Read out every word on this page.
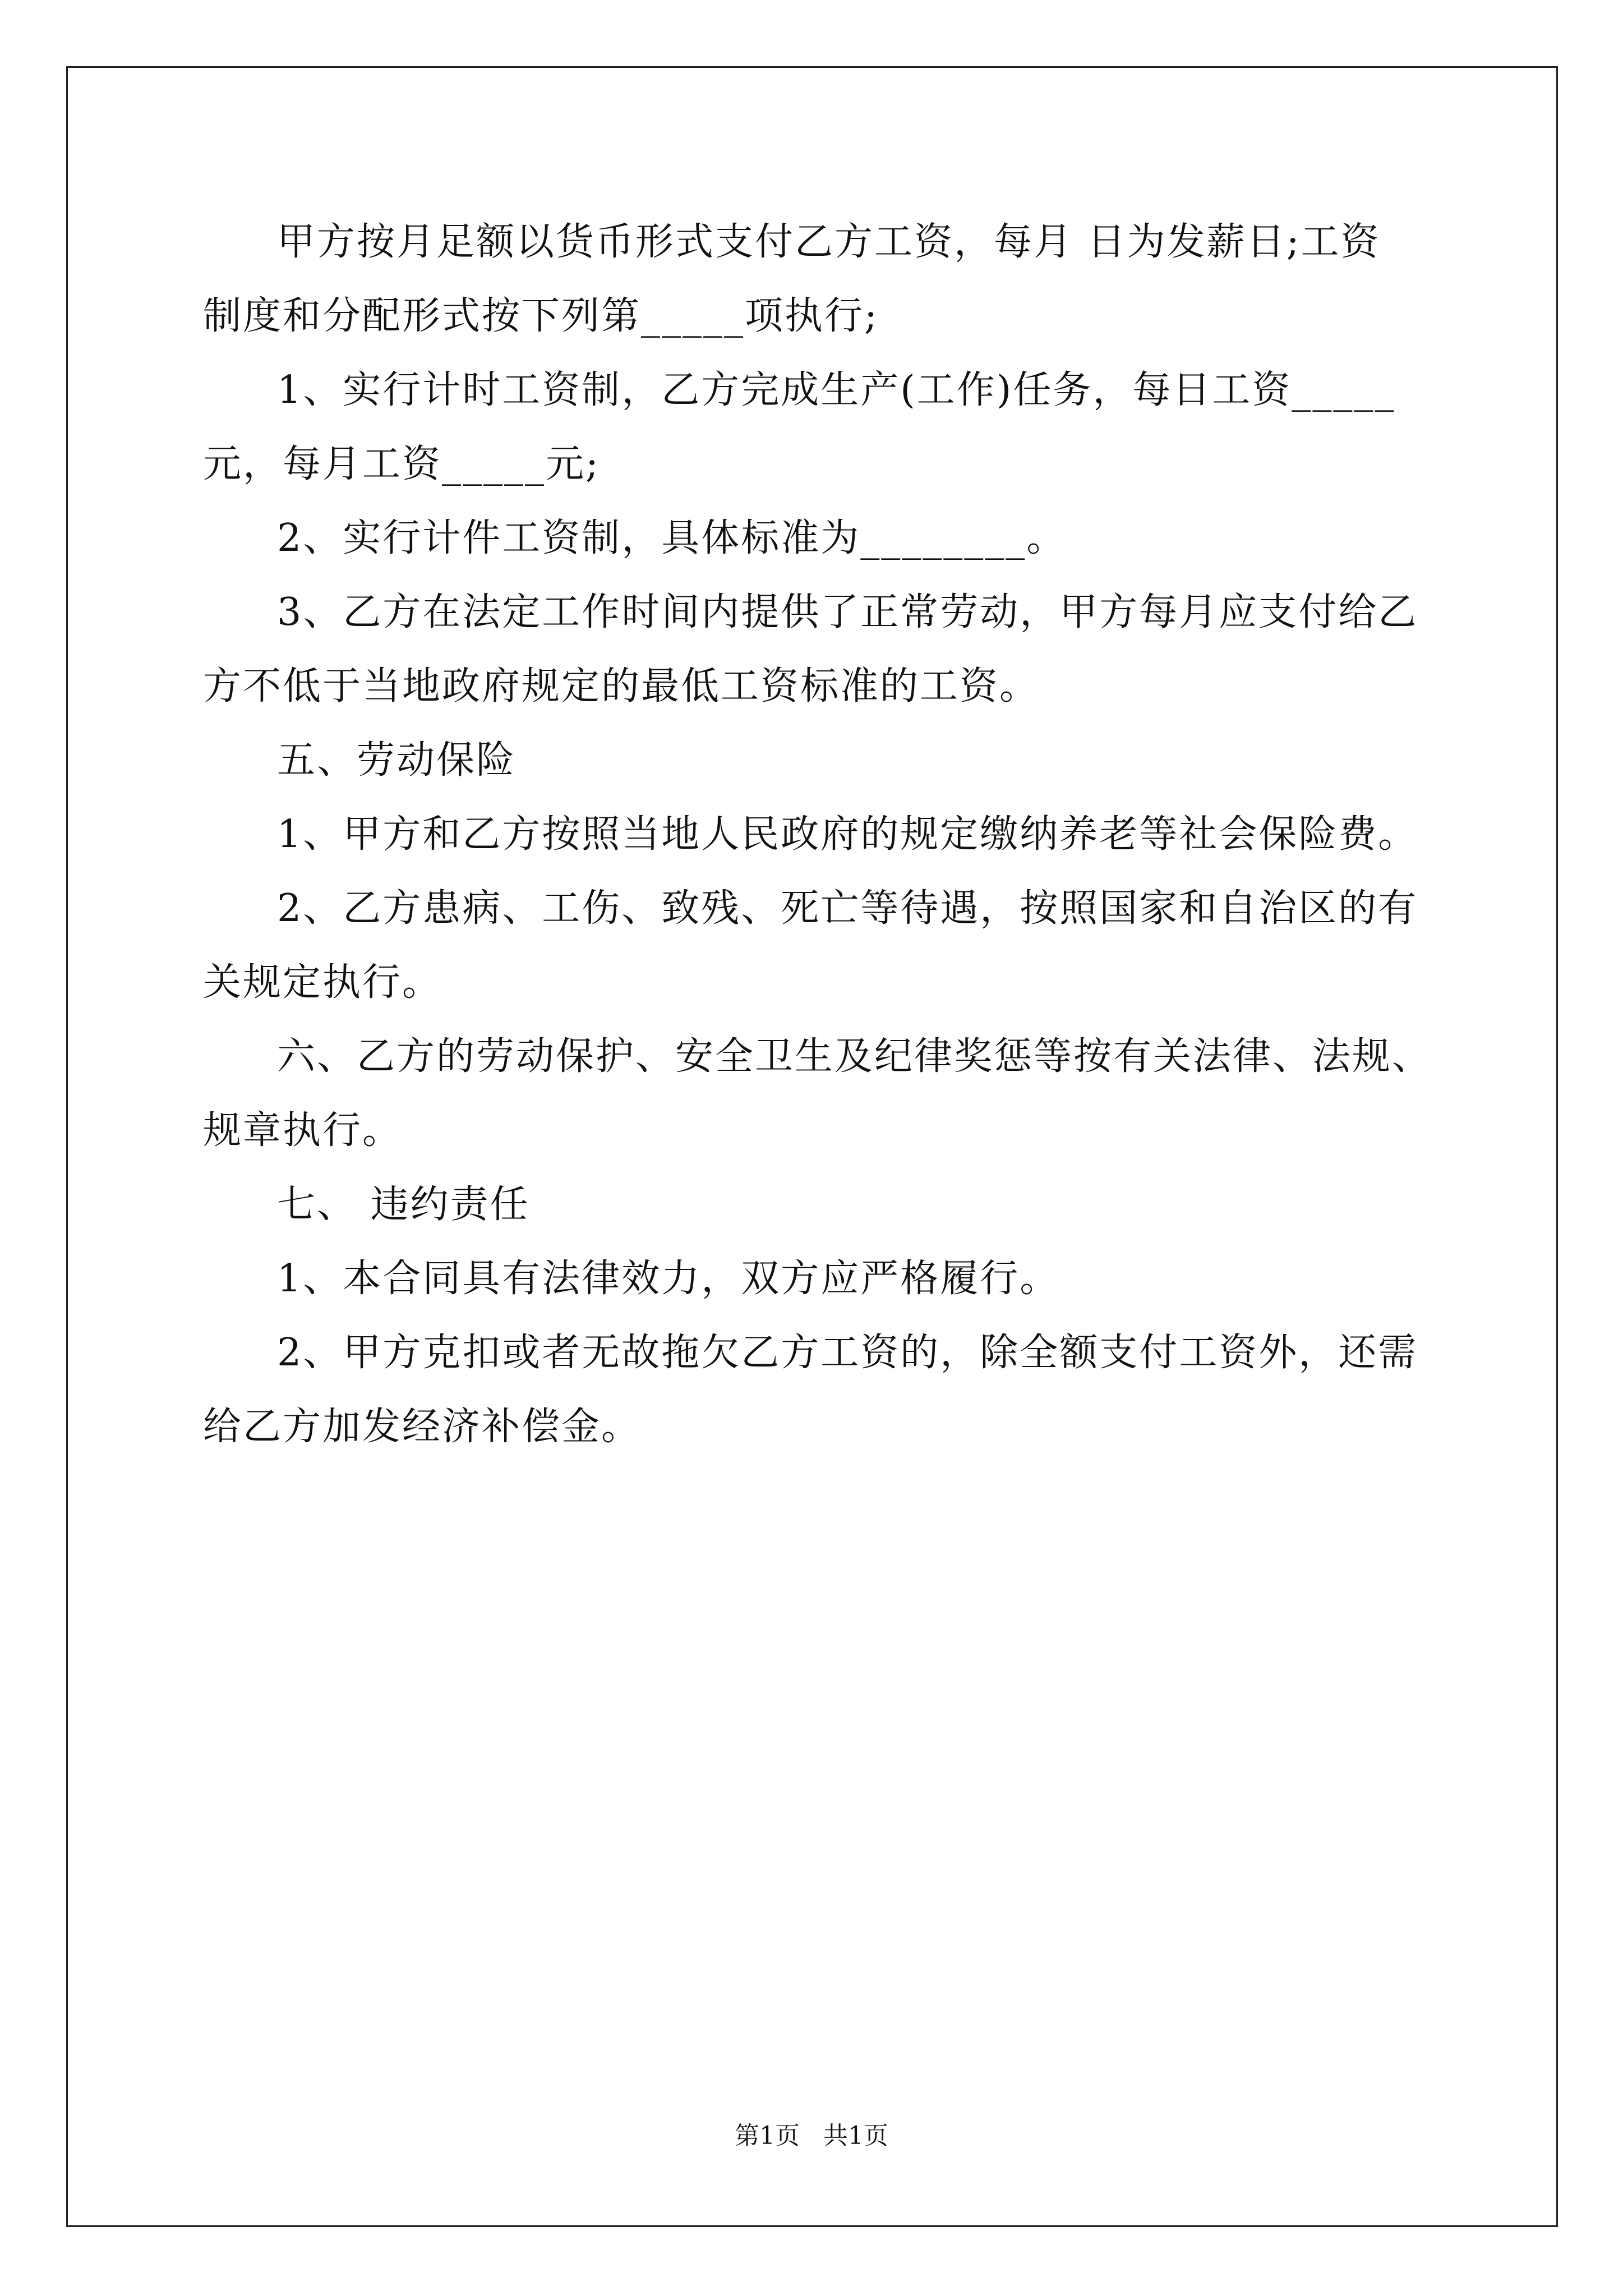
甲方按月足额以货币形式支付乙方工资，每月 日为发薪日;工资
制度和分配形式按下列第_____项执行;
1、实行计时工资制，乙方完成生产(工作)任务，每日工资_____
元，每月工资_____元;
2、实行计件工资制，具体标准为________。
3、乙方在法定工作时间内提供了正常劳动，甲方每月应支付给乙
方不低于当地政府规定的最低工资标准的工资。
五、劳动保险
1、甲方和乙方按照当地人民政府的规定缴纳养老等社会保险费。
2、乙方患病、工伤、致残、死亡等待遇，按照国家和自治区的有
关规定执行。
六、乙方的劳动保护、安全卫生及纪律奖惩等按有关法律、法规、
规章执行。
七、 违约责任
1、本合同具有法律效力，双方应严格履行。
2、甲方克扣或者无故拖欠乙方工资的，除全额支付工资外，还需
给乙方加发经济补偿金。
第1页   共1页
